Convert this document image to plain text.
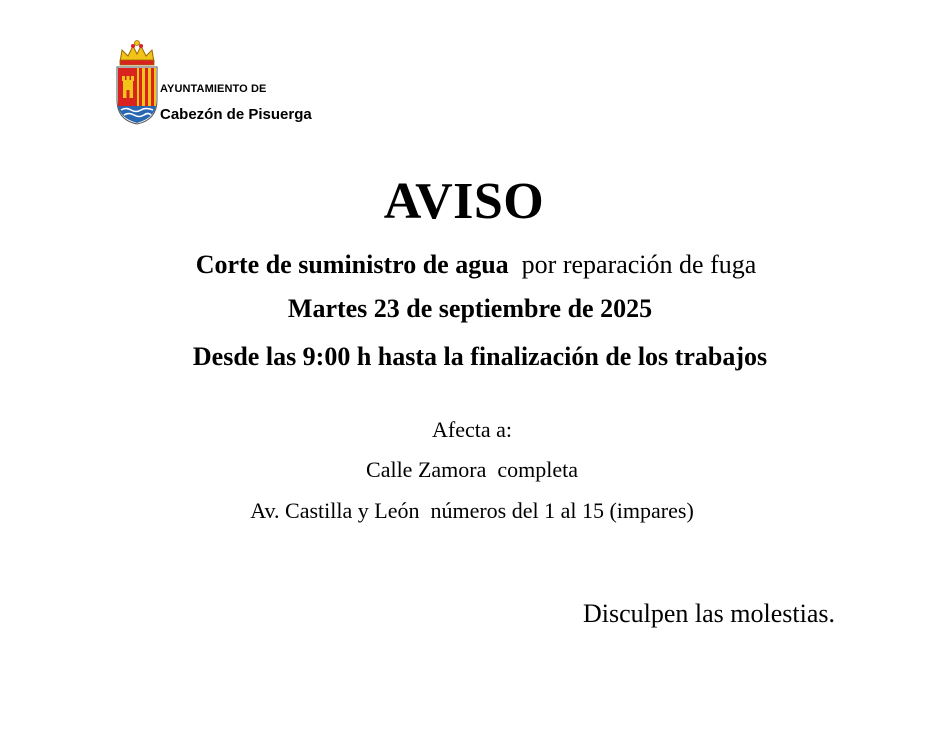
AYUNTAMIENTO DE
Cabezón de Pisuerga
AVISO
Corte de suministro de agua por reparación de fuga
Martes 23 de septiembre de 2025
Desde las 9:00 h hasta la finalización de los trabajos
Afecta a:
Calle Zamora  completa
Av. Castilla y León  números del 1 al 15 (impares)
Disculpen las molestias.
